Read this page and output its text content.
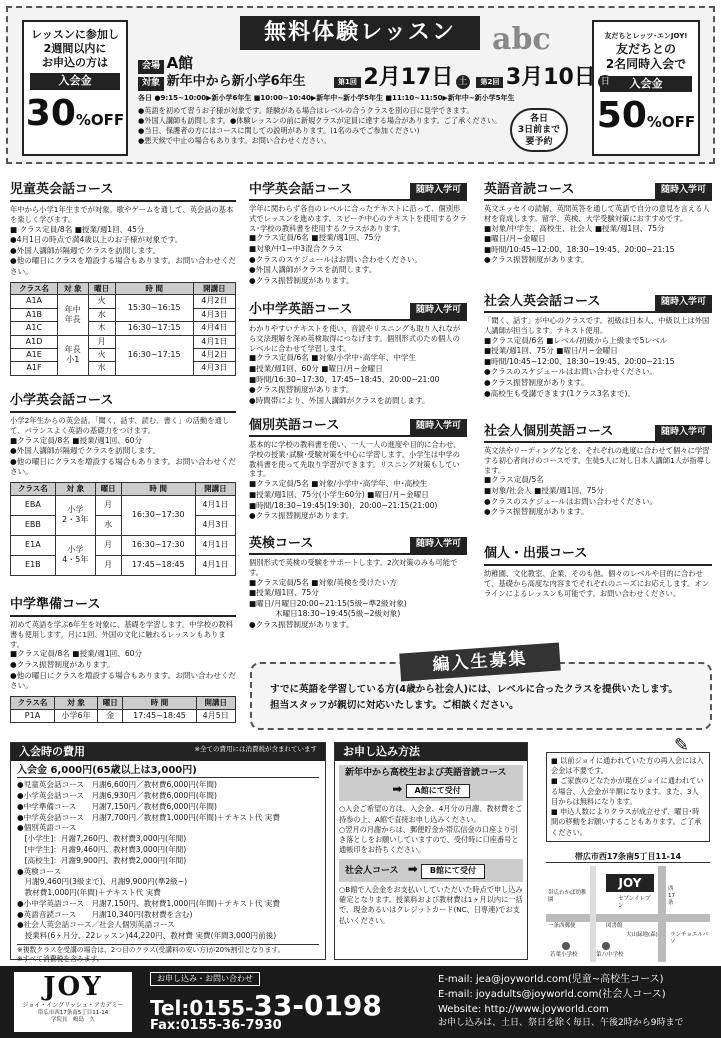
無料体験レッスン	abc
レッスンに参加し
2週間以内に
お申込の方は
入会金
30%OFF
友だちとレッツ･エンJOY!
友だちとの
2名同時入会で
入会金
50%OFF
会場 A館
対象 新年中から新小学6年生	第1回 2月17日 土 第2回 3月10日 日
各日 ●9:15~10:00▶新小学6年生 ■10:00~10:40▶新年中~新小学5年生 ■11:10~11:50▶新年中~新小学5年生
●英語を初めて習うお子様が対象です。経験がある場合はレベルの合うクラスを別の日に見学できます。
●外国人講師も訪問します。●体験レッスンの前に新規クラスが定員に達する場合があります。ご了承ください。
●当日、保護者の方にはコースに関しての説明があります。(1名のみでご参加ください)
●悪天候で中止の場合もあります。お問い合わせください。
各日
3日前まで
要予約
児童英会話コース
年中から小学1年生までが対象。歌やゲームを通して、英会話の基本を楽しく学びます。
■ クラス定員/8名 ■授業/週1回、45分
●4月1日の時点で満4歳以上のお子様が対象です。
●外国人講師が隔週でクラスを訪問します。
●他の曜日にクラスを増設する場合もあります。お問い合わせください。
クラス名	対 象	曜日	時 間	開講日
A1A	年中
年長	火	15:30~16:15	4月2日
A1B		水		4月3日
A1C		木	16:30~17:15	4月4日
A1D	年長
小1	月	16:30~17:15	4月1日
A1E		火		4月2日
A1F		水		4月3日
小学英会話コース
小学2年生からの英会話。「聞く、話す、読む、書く」の活動を通して、バランスよく英語の基礎力をつけます。
■クラス定員/8名 ■授業/週1回、60分
●外国人講師が隔週でクラスを訪問します。
●他の曜日にクラスを増設する場合もあります。お問い合わせください。
クラス名	対 象	曜日	時 間	開講日
EBA	小学
2・3年	月	16:30~17:30	4月1日
EBB		水		4月3日
E1A	小学
4・5年	月	16:30~17:30	4月1日
E1B		月	17:45~18:45	4月1日
中学準備コース
初めて英語を学ぶ6年生を対象に、基礎を学習します。中学校の教科書も使用します。月に1回、外国の文化に触れるレッスンもあります。
■クラス定員/8名 ■授業/週1回、60分
●クラス振替制度があります。
●他の曜日にクラスを増設する場合もあります。お問い合わせください。
クラス名	対 象	曜日	時 間	開講日
P1A	小学6年	金	17:45~18:45	4月5日
中学英会話コース	随時入学可
学年に関わらず各自のレベルに合ったテキストに沿って、個別形式でレッスンを進めます。スピーチ中心のテキストを使用するクラス･学校の教科書を使用するクラスがあります。
■クラス定員/6名 ■授業/週1回、75分
■対象/中1~中3混合クラス
●クラスのスケジュールはお問い合わせください。
●外国人講師がクラスを訪問します。
●クラス振替制度があります。
小中学英語コース	随時入学可
わかりやすいテキストを使い、音読やリスニングも取り入れながら文法理解を深め英検取得につなげます。個別形式のため個人のレベルに合わせて学習します。
■クラス定員/6名 ■対象/小学中･高学年、中学生
■授業/週1回、60分 ■曜日/月~金曜日
■時間/16:30~17:30、17:45~18:45、20:00~21:00
●クラス振替制度があります。
●時間帯により、外国人講師がクラスを訪問します。
個別英語コース	随時入学可
基本的に学校の教科書を使い、一人一人の進度や目的に合わせ、学校の授業･試験･受験対策を中心に学習します。小学生は中学の教科書を使って先取り学習ができます。リスニング対策もしています。
■クラス定員/5名 ■対象/小学中･高学年、中･高校生
■授業/週1回、75分(小学生60分) ■曜日/月~金曜日
■時間/18:30~19:45(19:30)、20:00~21:15(21:00)
●クラス振替制度があります。
英検コース	随時入学可
個別形式で英検の受験をサポートします。2次対策のみも可能です。
■クラス定員/5名 ■対象/英検を受けたい方
■授業/週1回、75分
■曜日/月曜日20:00~21:15(5級~準2級対象)
木曜日18:30~19:45(5級~2級対象)
●クラス振替制度があります。
英語音読コース	随時入学可
英文エッセイの読解、英問英答を通して英語で自分の意見を言える人材を育成します。留学、英検、大学受験対策におすすめです。
■対象/中学生、高校生、社会人 ■授業/週1回、75分
■曜日/月~金曜日
■時間/10:45~12:00、18:30~19:45、20:00~21:15
●クラス振替制度があります。
社会人英会話コース	随時入学可
「聞く、話す」が中心のクラスです。初級は日本人、中級以上は外国人講師が担当します。テキスト使用。
■クラス定員/6名 ■レベル/初級から上級まで5レベル
■授業/週1回、75分 ■曜日/月~金曜日
■時間/10:45~12:00、18:30~19:45、20:00~21:15
●クラスのスケジュールはお問い合わせください。
●クラス振替制度があります。
●高校生も受講できます(1クラス3名まで)。
社会人個別英語コース	随時入学可
英文法やリーディングなどを、それぞれの進度に合わせて個々に学習する初心者向けのコースです。生徒5人に対し日本人講師1人が指導します。
■クラス定員/5名
■対象/社会人 ■授業/週1回、75分
●クラスのスケジュールはお問い合わせください。
●クラス振替制度があります。
個人・出張コース
幼稚園、文化教室、企業、そのも他。個々のレベルや目的に合わせて、基礎から高度な内容までそれぞれのニーズにお応えします。オンラインによるレッスンも可能です。お問い合わせください。
すでに英語を学習している方(4歳から社会人)には、レベルに合ったクラスを提供いたします。
担当スタッフが親切に対応いたします。ご相談ください。
編入生募集
入会時の費用	※全ての費用には消費税が含まれています
入会金 6,000円(65歳以上は3,000円)
●児童英会話コース　月謝6,600円／教材費6,000円(年間)
●小学英会話コース　月謝6,930円／教材費6,000円(年間)
●中学準備コース　　月謝7,150円／教材費6,000円(年間)
●中学英会話コース　月謝7,700円／教材費1,000円(年間)＋テキスト代 実費
●個別英語コース
　[小学生]：月謝7,260円、教材費3,000円(年間)
　[中学生]：月謝9,460円、教材費3,000円(年間)
　[高校生]：月謝9,900円、教材費2,000円(年間)
●英検コース
　月謝9,460円(3級まで)、月謝9,900円(準2級~)
　教材費1,000円(年間)＋テキスト代 実費
●小中学英語コース　月謝7,150円、教材費1,000円(年間)＋テキスト代 実費
●英語音読コース　　月謝10,340円(教材費を含む)
●社会人英会話コース／社会人個別英語コース
　授業料(6ヶ月分、22レッスン)44,220円、教材費 実費(年間3,000円前後)
※複数クラスを受講の場合は、2つ目のクラス(受講料の安い方)が20%割引となります。
※すべて消費税を含みます。
お申し込み方法
新年中から高校生および英語音読コース
➡ A館にて受付
○入会ご希望の方は、入会金、4月分の月謝、教材費をご持参の上、A館で直接お申し込みください。
○翌月の月謝からは、郵便貯金か帯広信金の口座より引き落としをお願いしていますので、受付時に口座番号と通帳印をお持ちください。
社会人コース ➡ B館にて受付
○B館で入会金をお支払いしていただいた時点で申し込み確定となります。授業料および教材費は1ヶ月以内に一括で、現金あるいはクレジットカード(NC、日専連)でお支払いください。
■ 以前ジョイに通われていた方の再入会には入会金は不要です。
■ ご家族のどなたかが現在ジョイに通われている場合、入会金が半額になります。また、3人目からは無料になります。
■ 申込人数によりクラスが成立せず、曜日･時間の移動をお願いすることもあります。ご了承ください。
✎
帯広市西17条南5丁目11-14
JOY
帯広わかば幼稚園	セブンイレブン
一条西郵便	図書館
西17条
若葉小学校	第八中学校
大山緑地(森) ランチョエルパソ
JOY
ジョイ・イングリッシュ・アカデミー
帯広市西17条南5丁目11-14
学院長　嶋島　久
お申し込み・お問い合わせ
Tel:0155-33-0198
Fax:0155-36-7930
E-mail: jea@joyworld.com(児童~高校生コース)
E-mail: joyadults@joyworld.com(社会人コース)
Website: http://www.joyworld.com
お申し込みは、土日、祭日を除く毎日、午後2時から9時まで
